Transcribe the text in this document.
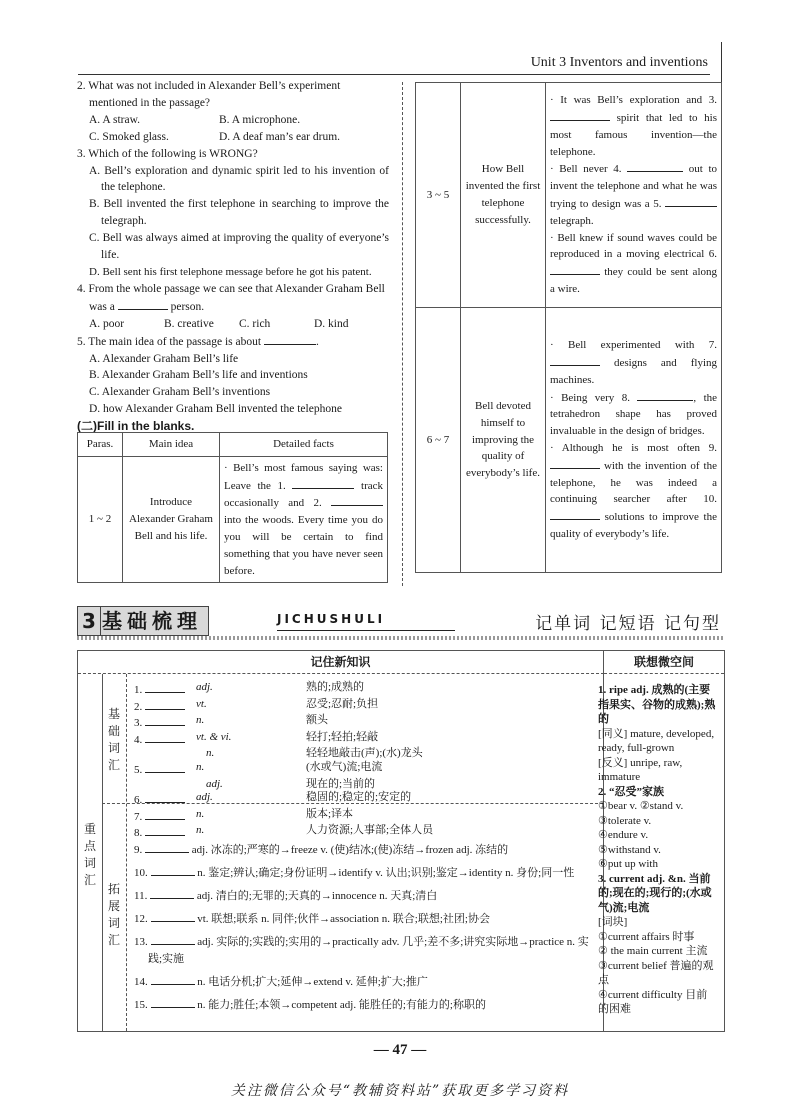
Unit 3 Inventors and inventions

2. What was not included in Alexander Bell’s experiment mentioned in the passage?

A. A straw.	B. A microphone.
C. Smoked glass.	D. A deaf man’s ear drum.

3. Which of the following is WRONG?

A. Bell’s exploration and dynamic spirit led to his invention of the telephone.

B. Bell invented the first telephone in searching to improve the telegraph.

C. Bell was always aimed at improving the quality of everyone’s life.

D. Bell sent his first telephone message before he got his patent.

4. From the whole passage we can see that Alexander Graham Bell was a	person.

A. poor	B. creative	C. rich	D. kind

5. The main idea of the passage is about	.

A. Alexander Graham Bell’s life

B. Alexander Graham Bell’s life and inventions

C. Alexander Graham Bell’s inventions

D. how Alexander Graham Bell invented the telephone

(二)Fill in the blanks.

Paras.	Main idea	Detailed facts
1 ~ 2	Introduce Alexander Graham Bell and his life.	· Bell’s most famous saying was: Leave the 1. track occasionally and 2.  into the woods. Every time you do you will be certain to find something that you have never seen before.
3 ~ 5	How Bell invented the first telephone successfully.	· It was Bell’s exploration and 3.  spirit that led to his most famous invention—the telephone.
· Bell never 4. out to invent the telephone and what he was trying to design was a 5.  telegraph.
· Bell knew if sound waves could be reproduced in a moving electrical 6.  they could be sent along a wire.
6 ~ 7	Bell devoted himself to improving the quality of everybody’s life.	· Bell experimented with 7.  designs and flying machines.
· Being very 8. , the tetrahedron shape has proved invaluable in the design of bridges.
· Although he is most often 9.  with the invention of the telephone, he was indeed a continuing searcher after 10.  solutions to improve the quality of everybody’s life.
3 基础梳理	JICHUSHULI	记单词 记短语 记句型
记住新知识	联想微空间
重点词汇
基础词汇
拓展词汇
1.	adj.	熟的;成熟的
2.	vt.	忍受;忍耐;负担
3.	n.	额头
4.	vt. & vi.	轻打;轻拍;轻敲
n.	轻轻地敲击(声);(水)龙头
5.	n.	(水或气)流;电流
adj.	现在的;当前的
6.	adj.	稳固的;稳定的;安定的
7.	n.	版本;译本
8.	n.	人力资源;人事部;全体人员

9.	adj. 冰冻的;严寒的→freeze v. (使)结冰;(使)冻结→frozen adj. 冻结的

10.	n. 鉴定;辨认;确定;身份证明→identify v. 认出;识别;鉴定→identity n. 身份;同一性

11.	adj. 清白的;无罪的;天真的→innocence n. 天真;清白

12.	vt. 联想;联系 n. 同伴;伙伴→association n. 联合;联想;社团;协会

13.	adj. 实际的;实践的;实用的→practically adv. 几乎;差不多;讲究实际地→practice n. 实践;实施

14.	n. 电话分机;扩大;延伸→extend v. 延伸;扩大;推广

15.	n. 能力;胜任;本领→competent adj. 能胜任的;有能力的;称职的

1. ripe adj. 成熟的(主要指果实、谷物的成熟);熟的

[同义] mature, developed, ready, full-grown

[反义] unripe, raw, immature

2. “忍受”家族

①bear v. ②stand v.

③tolerate v.

④endure v.

⑤withstand v.

⑥put up with

3. current adj. &n. 当前的;现在的;现行的;(水或气)流;电流

[词块]

①current affairs 时事

② the main current 主流

③current belief 普遍的观点

④current difficulty 目前的困难

— 47 —
关注微信公众号“教辅资料站”获取更多学习资料
